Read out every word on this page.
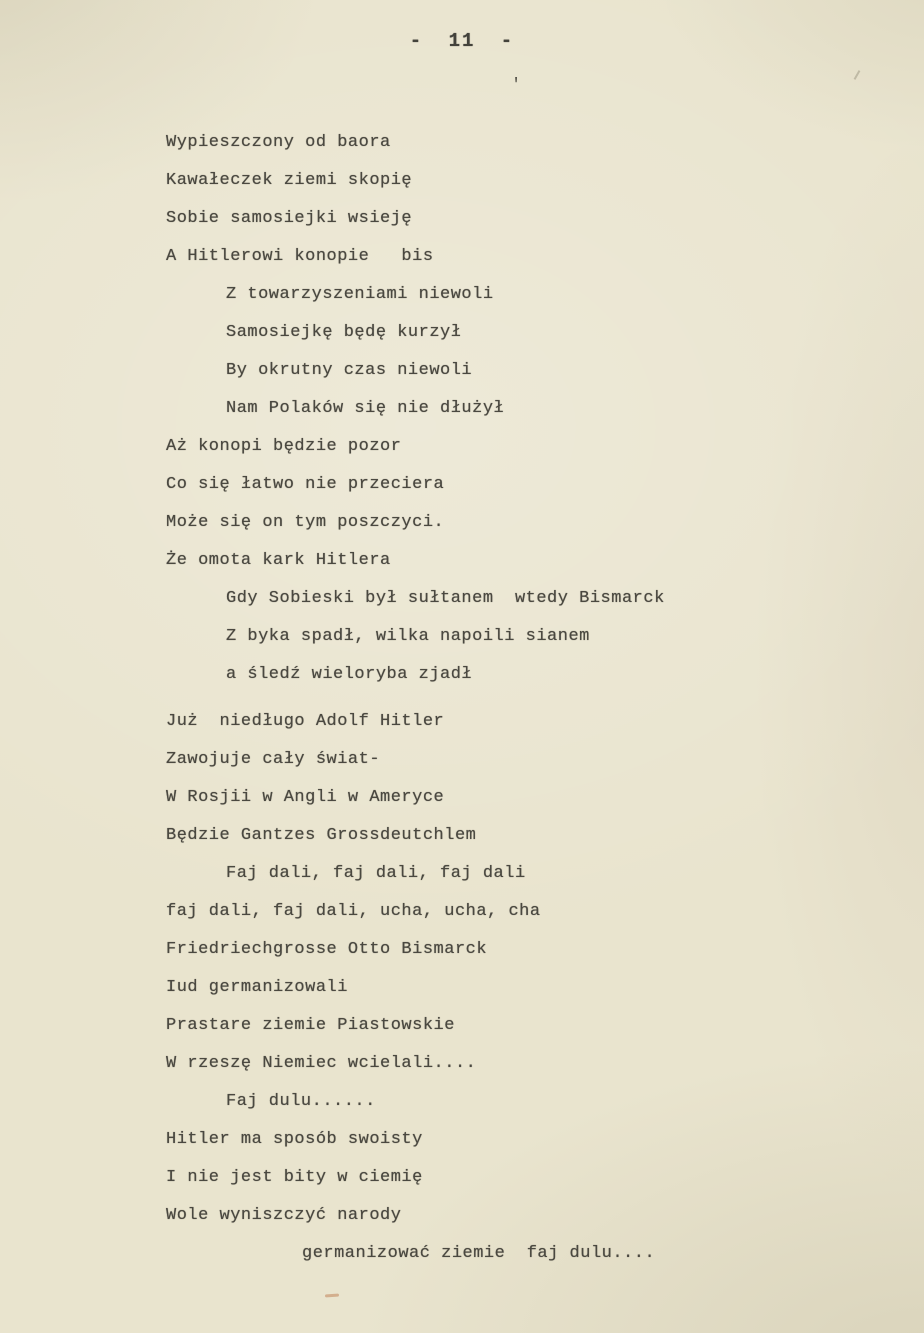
- 11 -
'
Wypieszczony od baora
Kawałeczek ziemi skopię
Sobie samosiejki wsieję
A Hitlerowi konopie   bis
Z towarzyszeniami niewoli
Samosiejkę będę kurzył
By okrutny czas niewoli
Nam Polaków się nie dłużył
Aż konopi będzie pozor
Co się łatwo nie przeciera
Może się on tym poszczyci.
Że omota kark Hitlera
Gdy Sobieski był sułtanem  wtedy Bismarck
Z byka spadł, wilka napoili sianem
a śledź wieloryba zjadł
Już  niedługo Adolf Hitler
Zawojuje cały świat-
W Rosjii w Angli w Ameryce
Będzie Gantzes Grossdeutchlem
Faj dali, faj dali, faj dali
faj dali, faj dali, ucha, ucha, cha
Friedriechgrosse Otto Bismarck
Iud germanizowali
Prastare ziemie Piastowskie
W rzeszę Niemiec wcielali....
Faj dulu......
Hitler ma sposób swoisty
I nie jest bity w ciemię
Wole wyniszczyć narody
germanizować ziemie  faj dulu....
